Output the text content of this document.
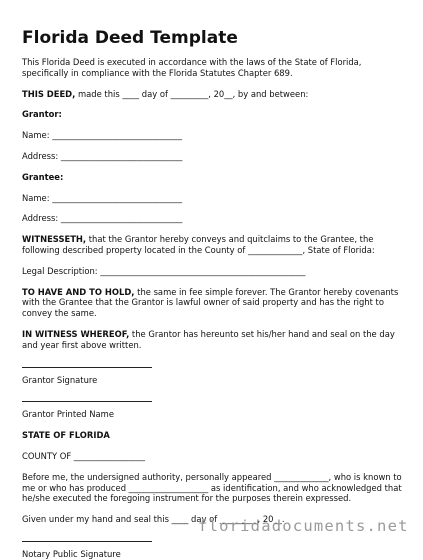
Florida Deed Template

This Florida Deed is executed in accordance with the laws of the State of Florida, specifically in compliance with the Florida Statutes Chapter 689.

THIS DEED, made this ____ day of _________, 20__, by and between:

Grantor:

Name: _______________________________

Address: _____________________________

Grantee:

Name: _______________________________

Address: _____________________________

WITNESSETH, that the Grantor hereby conveys and quitclaims to the Grantee, the following described property located in the County of _____________, State of Florida:

Legal Description: _________________________________________________

TO HAVE AND TO HOLD, the same in fee simple forever. The Grantor hereby covenants with the Grantee that the Grantor is lawful owner of said property and has the right to convey the same.

IN WITNESS WHEREOF, the Grantor has hereunto set his/her hand and seal on the day and year first above written.

Grantor Signature

Grantor Printed Name

STATE OF FLORIDA

COUNTY OF _________________

Before me, the undersigned authority, personally appeared _____________, who is known to me or who has produced ___________________ as identification, and who acknowledged that he/she executed the foregoing instrument for the purposes therein expressed.

Given under my hand and seal this ____ day of _________, 20__.

Notary Public Signature

floridadocuments.net
